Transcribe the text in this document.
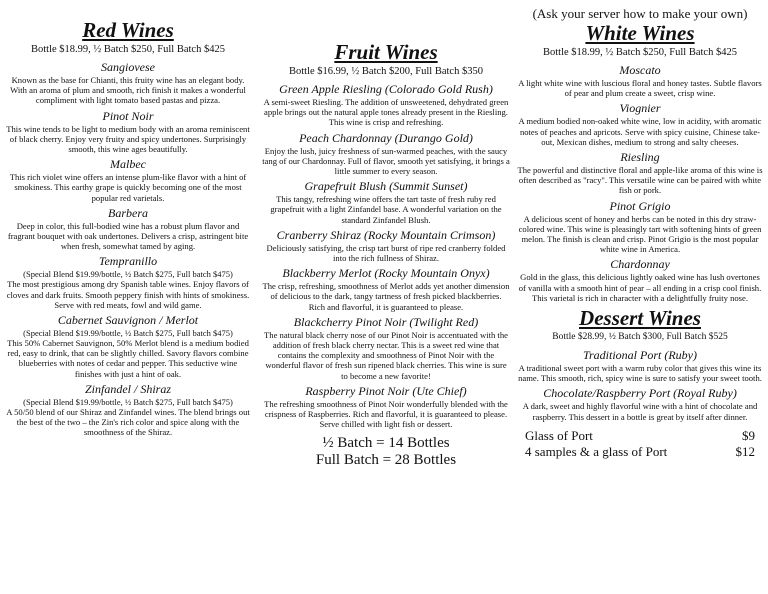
Red Wines
Bottle $18.99, ½ Batch $250, Full Batch $425
Sangiovese
Known as the base for Chianti, this fruity wine has an elegant body. With an aroma of plum and smooth, rich finish it makes a wonderful compliment with light tomato based pastas and pizza.
Pinot Noir
This wine tends to be light to medium body with an aroma reminiscent of black cherry. Enjoy very fruity and spicy undertones. Surprisingly smooth, this wine ages beautifully.
Malbec
This rich violet wine offers an intense plum-like flavor with a hint of smokiness. This earthy grape is quickly becoming one of the most popular red varietals.
Barbera
Deep in color, this full-bodied wine has a robust plum flavor and fragrant bouquet with oak undertones. Delivers a crisp, astringent bite when fresh, somewhat tamed by aging.
Tempranillo
(Special Blend $19.99/bottle, ½ Batch $275, Full batch $475)
The most prestigious among dry Spanish table wines. Enjoy flavors of cloves and dark fruits. Smooth peppery finish with hints of smokiness. Serve with red meats, fowl and wild game.
Cabernet Sauvignon / Merlot
(Special Blend $19.99/bottle, ½ Batch $275, Full batch $475)
This 50% Cabernet Sauvignon, 50% Merlot blend is a medium bodied red, easy to drink, that can be slightly chilled. Savory flavors combine blueberries with notes of cedar and pepper. This seductive wine finishes with just a hint of oak.
Zinfandel / Shiraz
(Special Blend $19.99/bottle, ½ Batch $275, Full batch $475)
A 50/50 blend of our Shiraz and Zinfandel wines. The blend brings out the best of the two – the Zin's rich color and spice along with the smoothness of the Shiraz.
Fruit Wines
Bottle $16.99, ½ Batch $200, Full Batch $350
Green Apple Riesling (Colorado Gold Rush)
A semi-sweet Riesling. The addition of unsweetened, dehydrated green apple brings out the natural apple tones already present in the Riesling. This wine is crisp and refreshing.
Peach Chardonnay (Durango Gold)
Enjoy the lush, juicy freshness of sun-warmed peaches, with the saucy tang of our Chardonnay. Full of flavor, smooth yet satisfying, it brings a little summer to every season.
Grapefruit Blush (Summit Sunset)
This tangy, refreshing wine offers the tart taste of fresh ruby red grapefruit with a light Zinfandel base. A wonderful variation on the standard Zinfandel Blush.
Cranberry Shiraz (Rocky Mountain Crimson)
Deliciously satisfying, the crisp tart burst of ripe red cranberry folded into the rich fullness of Shiraz.
Blackberry Merlot (Rocky Mountain Onyx)
The crisp, refreshing, smoothness of Merlot adds yet another dimension of delicious to the dark, tangy tartness of fresh picked blackberries. Rich and flavorful, it is guaranteed to please.
Blackcherry Pinot Noir (Twilight Red)
The natural black cherry nose of our Pinot Noir is accentuated with the addition of fresh black cherry nectar. This is a sweet red wine that contains the complexity and smoothness of Pinot Noir with the wonderful flavor of fresh sun ripened black cherries. This wine is sure to become a new favorite!
Raspberry Pinot Noir (Ute Chief)
The refreshing smoothness of Pinot Noir wonderfully blended with the crispness of Raspberries. Rich and flavorful, it is guaranteed to please. Serve chilled with light fish or dessert.
½ Batch = 14 Bottles
Full Batch = 28 Bottles
(Ask your server how to make your own)
White Wines
Bottle $18.99, ½ Batch $250, Full Batch $425
Moscato
A light white wine with luscious floral and honey tastes. Subtle flavors of pear and plum create a sweet, crisp wine.
Viognier
A medium bodied non-oaked white wine, low in acidity, with aromatic notes of peaches and apricots. Serve with spicy cuisine, Chinese take-out, Mexican dishes, medium to strong and salty cheeses.
Riesling
The powerful and distinctive floral and apple-like aroma of this wine is often described as "racy". This versatile wine can be paired with white fish or pork.
Pinot Grigio
A delicious scent of honey and herbs can be noted in this dry straw-colored wine. This wine is pleasingly tart with softening hints of green melon. The finish is clean and crisp. Pinot Grigio is the most popular white wine in America.
Chardonnay
Gold in the glass, this delicious lightly oaked wine has lush overtones of vanilla with a smooth hint of pear – all ending in a crisp cool finish. This varietal is rich in character with a delightfully fruity nose.
Dessert Wines
Bottle $28.99, ½ Batch $300, Full Batch $525
Traditional Port (Ruby)
A traditional sweet port with a warm ruby color that gives this wine its name. This smooth, rich, spicy wine is sure to satisfy your sweet tooth.
Chocolate/Raspberry Port (Royal Ruby)
A dark, sweet and highly flavorful wine with a hint of chocolate and raspberry. This dessert in a bottle is great by itself after dinner.
Glass of Port	$9
4 samples & a glass of Port	$12
